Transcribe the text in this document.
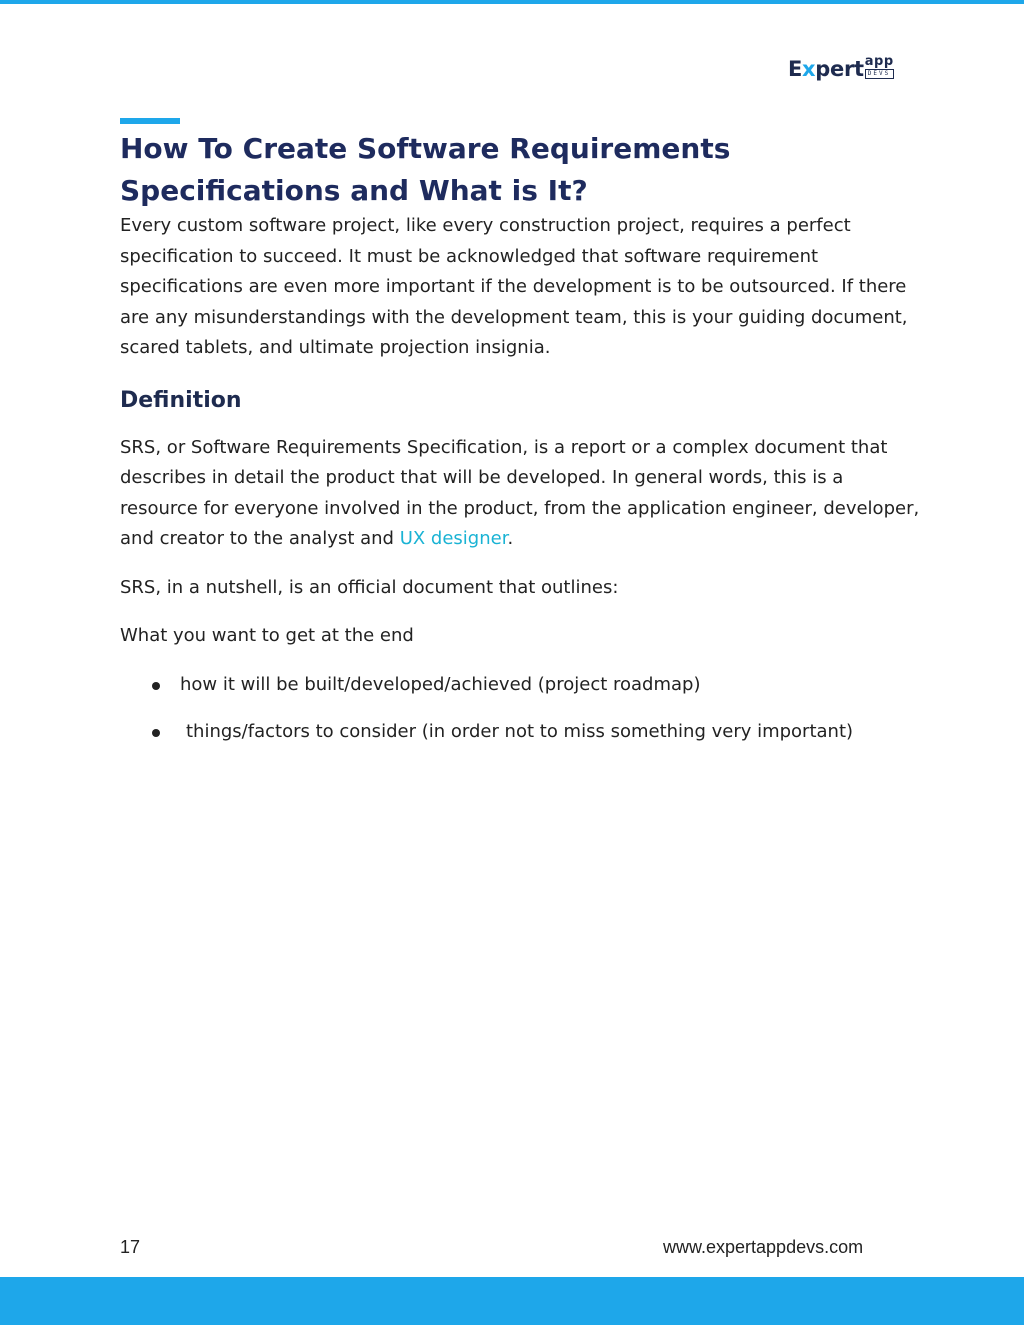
Expert app
DEVS
How To Create Software Requirements Specifications and What is It?

Every custom software project, like every construction project, requires a perfect specification to succeed. It must be acknowledged that software requirement specifications are even more important if the development is to be outsourced. If there are any misunderstandings with the development team, this is your guiding document, scared tablets, and ultimate projection insignia.

Definition

SRS, or Software Requirements Specification, is a report or a complex document that describes in detail the product that will be developed. In general words, this is a resource for everyone involved in the product, from the application engineer, developer, and creator to the analyst and UX designer.

SRS, in a nutshell, is an official document that outlines:

What you want to get at the end

how it will be built/developed/achieved (project roadmap)
things/factors to consider (in order not to miss something very important)
17	www.expertappdevs.com
